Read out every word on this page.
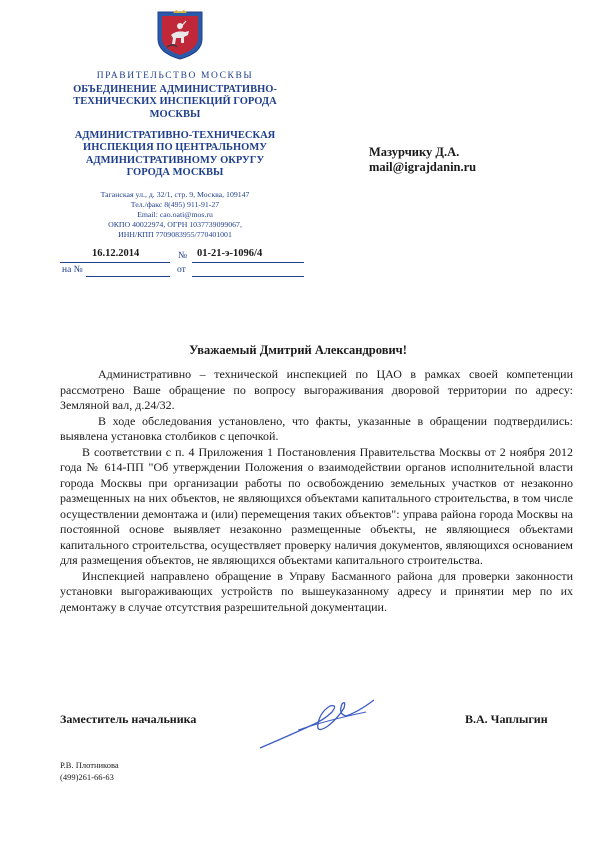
ПРАВИТЕЛЬСТВО МОСКВЫ
ОБЪЕДИНЕНИЕ АДМИНИСТРАТИВНО-
ТЕХНИЧЕСКИХ ИНСПЕКЦИЙ ГОРОДА
МОСКВЫ
АДМИНИСТРАТИВНО-ТЕХНИЧЕСКАЯ
ИНСПЕКЦИЯ ПО ЦЕНТРАЛЬНОМУ
АДМИНИСТРАТИВНОМУ ОКРУГУ
ГОРОДА МОСКВЫ
Таганская ул., д. 32/1, стр. 9, Москва, 109147
Тел./факс 8(495) 911-91-27
Email: cao.oati@mos.ru
ОКПО 40022974, ОГРН 1037739099067,
ИНН/КПП 7709083955/770401001
16.12.2014	№ 01-21-э-1096/4
на №	от
Мазурчику Д.А.
mail@igrajdanin.ru
Уважаемый Дмитрий Александрович!

Административно – технической инспекцией по ЦАО в рамках своей компетенции рассмотрено Ваше обращение по вопросу выгораживания дворовой территории по адресу: Земляной вал, д.24/32.

В ходе обследования установлено, что факты, указанные в обращении подтвердились: выявлена установка столбиков с цепочкой.

В соответствии с п. 4 Приложения 1 Постановления Правительства Москвы от 2 ноября 2012 года № 614-ПП "Об утверждении Положения о взаимодействии органов исполнительной власти города Москвы при организации работы по освобождению земельных участков от незаконно размещенных на них объектов, не являющихся объектами капитального строительства, в том числе осуществлении демонтажа и (или) перемещения таких объектов": управа района города Москвы на постоянной основе выявляет незаконно размещенные объекты, не являющиеся объектами капитального строительства, осуществляет проверку наличия документов, являющихся основанием для размещения объектов, не являющихся объектами капитального строительства.

Инспекцией направлено обращение в Управу Басманного района для проверки законности установки выгораживающих устройств по вышеуказанному адресу и принятии мер по их демонтажу в случае отсутствия разрешительной документации.

Заместитель начальника	В.А. Чаплыгин
Р.В. Плотникова
(499)261-66-63
